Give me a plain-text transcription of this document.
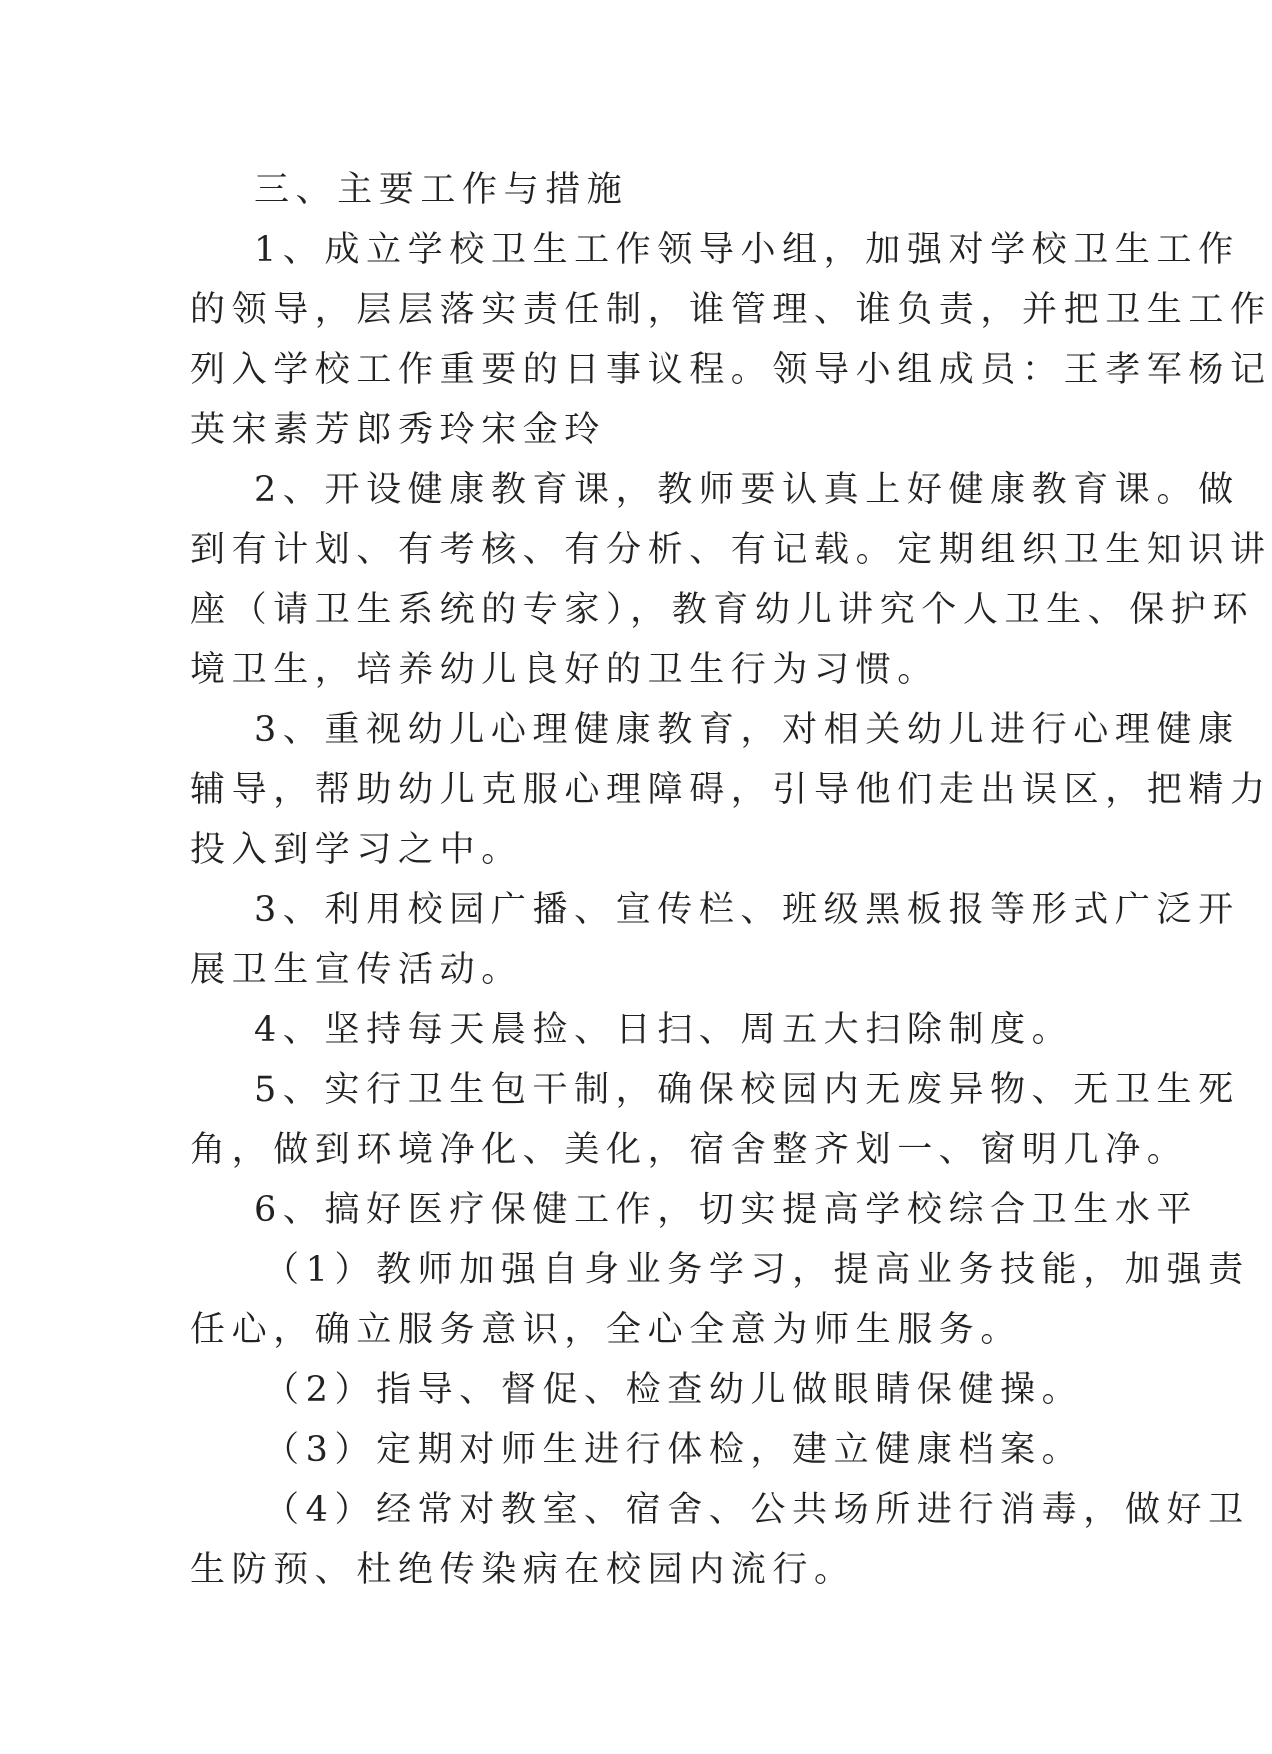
三、主要工作与措施
1、成立学校卫生工作领导小组，加强对学校卫生工作
的领导，层层落实责任制，谁管理、谁负责，并把卫生工作
列入学校工作重要的日事议程。领导小组成员：王孝军杨记
英宋素芳郎秀玲宋金玲
2、开设健康教育课，教师要认真上好健康教育课。做
到有计划、有考核、有分析、有记载。定期组织卫生知识讲
座（请卫生系统的专家），教育幼儿讲究个人卫生、保护环
境卫生，培养幼儿良好的卫生行为习惯。
3、重视幼儿心理健康教育，对相关幼儿进行心理健康
辅导，帮助幼儿克服心理障碍，引导他们走出误区，把精力
投入到学习之中。
3、利用校园广播、宣传栏、班级黑板报等形式广泛开
展卫生宣传活动。
4、坚持每天晨捡、日扫、周五大扫除制度。
5、实行卫生包干制，确保校园内无废异物、无卫生死
角，做到环境净化、美化，宿舍整齐划一、窗明几净。
6、搞好医疗保健工作，切实提高学校综合卫生水平
（1）教师加强自身业务学习，提高业务技能，加强责
任心，确立服务意识，全心全意为师生服务。
（2）指导、督促、检查幼儿做眼睛保健操。
（3）定期对师生进行体检，建立健康档案。
（4）经常对教室、宿舍、公共场所进行消毒，做好卫
生防预、杜绝传染病在校园内流行。
